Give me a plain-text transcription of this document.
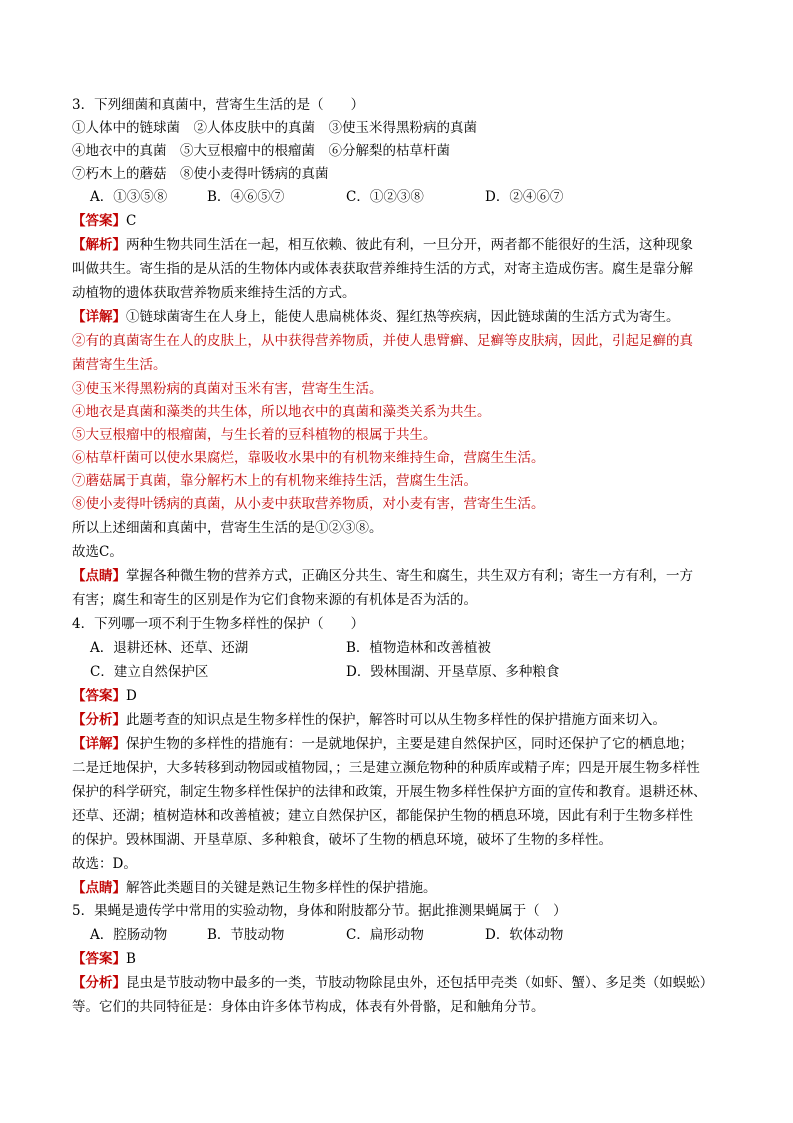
3．下列细菌和真菌中，营寄生生活的是（　　）
①人体中的链球菌　②人体皮肤中的真菌　③使玉米得黑粉病的真菌
④地衣中的真菌　⑤大豆根瘤中的根瘤菌　⑥分解梨的枯草杆菌
⑦朽木上的蘑菇　⑧使小麦得叶锈病的真菌
A．①③⑤⑧	B．④⑥⑤⑦	C．①②③⑧	D．②④⑥⑦
【答案】C
【解析】两种生物共同生活在一起，相互依赖、彼此有利，一旦分开，两者都不能很好的生活，这种现象
叫做共生。寄生指的是从活的生物体内或体表获取营养维持生活的方式，对寄主造成伤害。腐生是靠分解
动植物的遗体获取营养物质来维持生活的方式。
【详解】①链球菌寄生在人身上，能使人患扁桃体炎、猩红热等疾病，因此链球菌的生活方式为寄生。
②有的真菌寄生在人的皮肤上，从中获得营养物质，并使人患臂癣、足癣等皮肤病，因此，引起足癣的真
菌营寄生生活。
③使玉米得黑粉病的真菌对玉米有害，营寄生生活。
④地衣是真菌和藻类的共生体，所以地衣中的真菌和藻类关系为共生。
⑤大豆根瘤中的根瘤菌，与生长着的豆科植物的根属于共生。
⑥枯草杆菌可以使水果腐烂，靠吸收水果中的有机物来维持生命，营腐生生活。
⑦蘑菇属于真菌，靠分解朽木上的有机物来维持生活，营腐生生活。
⑧使小麦得叶锈病的真菌，从小麦中获取营养物质，对小麦有害，营寄生生活。
所以上述细菌和真菌中，营寄生生活的是①②③⑧。
故选C。
【点睛】掌握各种微生物的营养方式，正确区分共生、寄生和腐生，共生双方有利；寄生一方有利，一方
有害；腐生和寄生的区别是作为它们食物来源的有机体是否为活的。
4．下列哪一项不利于生物多样性的保护（　　）
A．退耕还林、还草、还湖	B．植物造林和改善植被
C．建立自然保护区	D．毁林围湖、开垦草原、多种粮食
【答案】D
【分析】此题考查的知识点是生物多样性的保护，解答时可以从生物多样性的保护措施方面来切入。
【详解】保护生物的多样性的措施有：一是就地保护，主要是建自然保护区，同时还保护了它的栖息地；
二是迁地保护，大多转移到动物园或植物园，；三是建立濒危物种的种质库或精子库；四是开展生物多样性
保护的科学研究，制定生物多样性保护的法律和政策，开展生物多样性保护方面的宣传和教育。退耕还林、
还草、还湖；植树造林和改善植被；建立自然保护区，都能保护生物的栖息环境，因此有利于生物多样性
的保护。毁林围湖、开垦草原、多种粮食，破坏了生物的栖息环境，破坏了生物的多样性。
故选：D。
【点睛】解答此类题目的关键是熟记生物多样性的保护措施。
5．果蝇是遗传学中常用的实验动物，身体和附肢都分节。据此推测果蝇属于（　）
A．腔肠动物	B．节肢动物	C．扁形动物	D．软体动物
【答案】B
【分析】昆虫是节肢动物中最多的一类，节肢动物除昆虫外，还包括甲壳类（如虾、蟹）、多足类（如蜈蚣）
等。它们的共同特征是：身体由许多体节构成，体表有外骨骼，足和触角分节。
